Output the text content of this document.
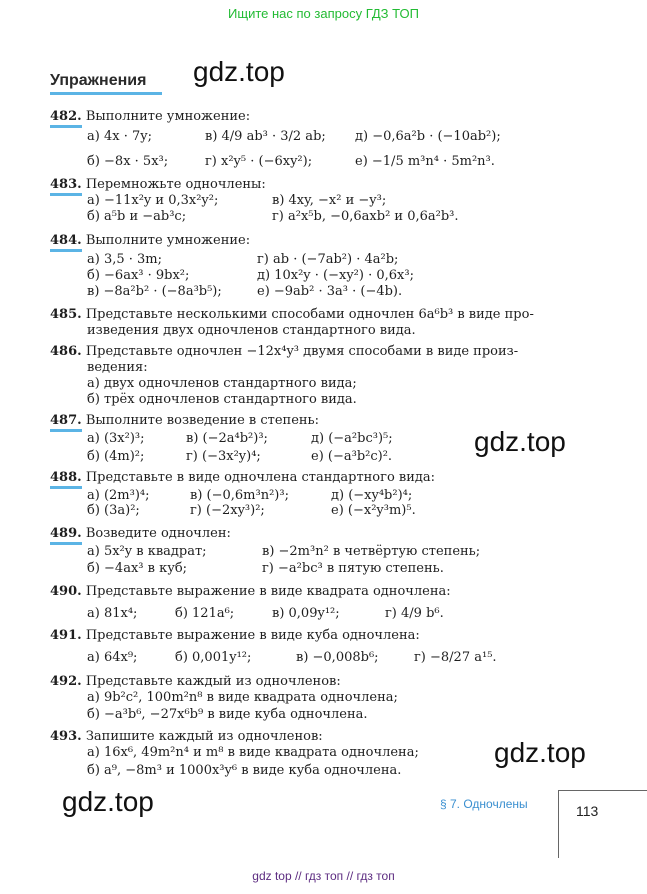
Ищите нас по запросу ГДЗ ТОП
Упражнения gdz.top
gdz.top
gdz.top
gdz.top
482. Выполните умножение:
а) 4x · 7y;	в) 4/9 ab³ · 3/2 ab; д) −0,6a²b · (−10ab²);
б) −8x · 5x³;	г) x²y⁵ · (−6xy²);	е) −1/5 m³n⁴ · 5m²n³.
483. Перемножьте одночлены:
а) −11x²y и 0,3x²y²;	в) 4xy, −x² и −y³;
б) a⁵b и −ab³c;	г) a²x⁵b, −0,6axb² и 0,6a²b³.
484. Выполните умножение:
а) 3,5 · 3m;	г) ab · (−7ab²) · 4a²b;
б) −6ax³ · 9bx²;	д) 10x²y · (−xy²) · 0,6x³;
в) −8a²b² · (−8a³b⁵);	е) −9ab² · 3a³ · (−4b).
485. Представьте несколькими способами одночлен 6a⁶b³ в виде про-
изведения двух одночленов стандартного вида.
486. Представьте одночлен −12x⁴y³ двумя способами в виде произ-
ведения:
а) двух одночленов стандартного вида;
б) трёх одночленов стандартного вида.
487. Выполните возведение в степень:
а) (3x²)³;	в) (−2a⁴b²)³;	д) (−a²bc³)⁵;
б) (4m)²;	г) (−3x²y)⁴;	е) (−a³b²c)².
488. Представьте в виде одночлена стандартного вида:
а) (2m³)⁴;	в) (−0,6m³n²)³;	д) (−xy⁴b²)⁴;
б) (3a)²;	г) (−2xy³)²;	е) (−x²y³m)⁵.
489. Возведите одночлен:
а) 5x²y в квадрат;	в) −2m³n² в четвёртую степень;
б) −4ax³ в куб;	г) −a²bc³ в пятую степень.
490. Представьте выражение в виде квадрата одночлена:
а) 81x⁴;	б) 121a⁶;	в) 0,09y¹²;	г) 4/9 b⁶.
491. Представьте выражение в виде куба одночлена:
а) 64x⁹;	б) 0,001y¹²;	в) −0,008b⁶;	г) −8/27 a¹⁵.
492. Представьте каждый из одночленов:
а) 9b²c², 100m²n⁸ в виде квадрата одночлена;
б) −a³b⁶, −27x⁶b⁹ в виде куба одночлена.
493. Запишите каждый из одночленов:
а) 16x⁶, 49m²n⁴ и m⁸ в виде квадрата одночлена;
б) a⁹, −8m³ и 1000x³y⁶ в виде куба одночлена.
§ 7. Одночлены	113
gdz top // гдз топ // гдз топ
